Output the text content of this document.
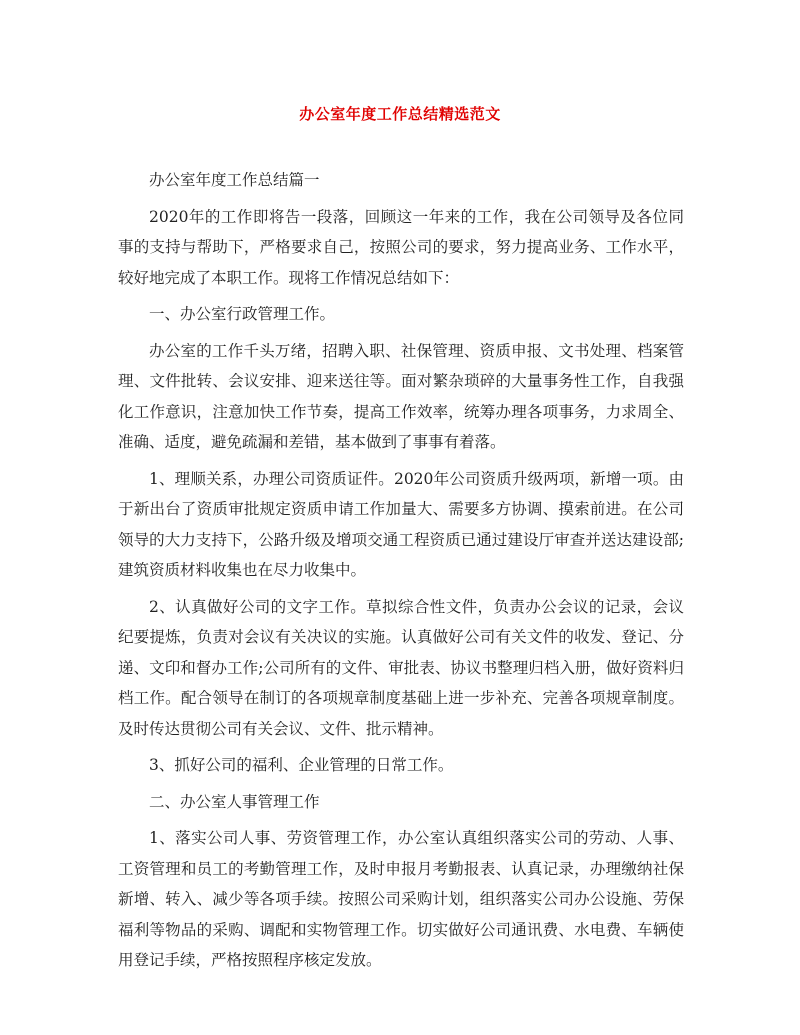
办公室年度工作总结精选范文

办公室年度工作总结篇一

2020年的工作即将告一段落，回顾这一年来的工作，我在公司领导及各位同事的支持与帮助下，严格要求自己，按照公司的要求，努力提高业务、工作水平，较好地完成了本职工作。现将工作情况总结如下：

一、办公室行政管理工作。

办公室的工作千头万绪，招聘入职、社保管理、资质申报、文书处理、档案管理、文件批转、会议安排、迎来送往等。面对繁杂琐碎的大量事务性工作，自我强化工作意识，注意加快工作节奏，提高工作效率，统筹办理各项事务，力求周全、准确、适度，避免疏漏和差错，基本做到了事事有着落。

1、理顺关系，办理公司资质证件。2020年公司资质升级两项，新增一项。由于新出台了资质审批规定资质申请工作加量大、需要多方协调、摸索前进。在公司领导的大力支持下，公路升级及增项交通工程资质已通过建设厅审查并送达建设部;建筑资质材料收集也在尽力收集中。

2、认真做好公司的文字工作。草拟综合性文件，负责办公会议的记录，会议纪要提炼，负责对会议有关决议的实施。认真做好公司有关文件的收发、登记、分递、文印和督办工作;公司所有的文件、审批表、协议书整理归档入册，做好资料归档工作。配合领导在制订的各项规章制度基础上进一步补充、完善各项规章制度。及时传达贯彻公司有关会议、文件、批示精神。

3、抓好公司的福利、企业管理的日常工作。

二、办公室人事管理工作

1、落实公司人事、劳资管理工作，办公室认真组织落实公司的劳动、人事、工资管理和员工的考勤管理工作，及时申报月考勤报表、认真记录，办理缴纳社保新增、转入、减少等各项手续。按照公司采购计划，组织落实公司办公设施、劳保福利等物品的采购、调配和实物管理工作。切实做好公司通讯费、水电费、车辆使用登记手续，严格按照程序核定发放。
